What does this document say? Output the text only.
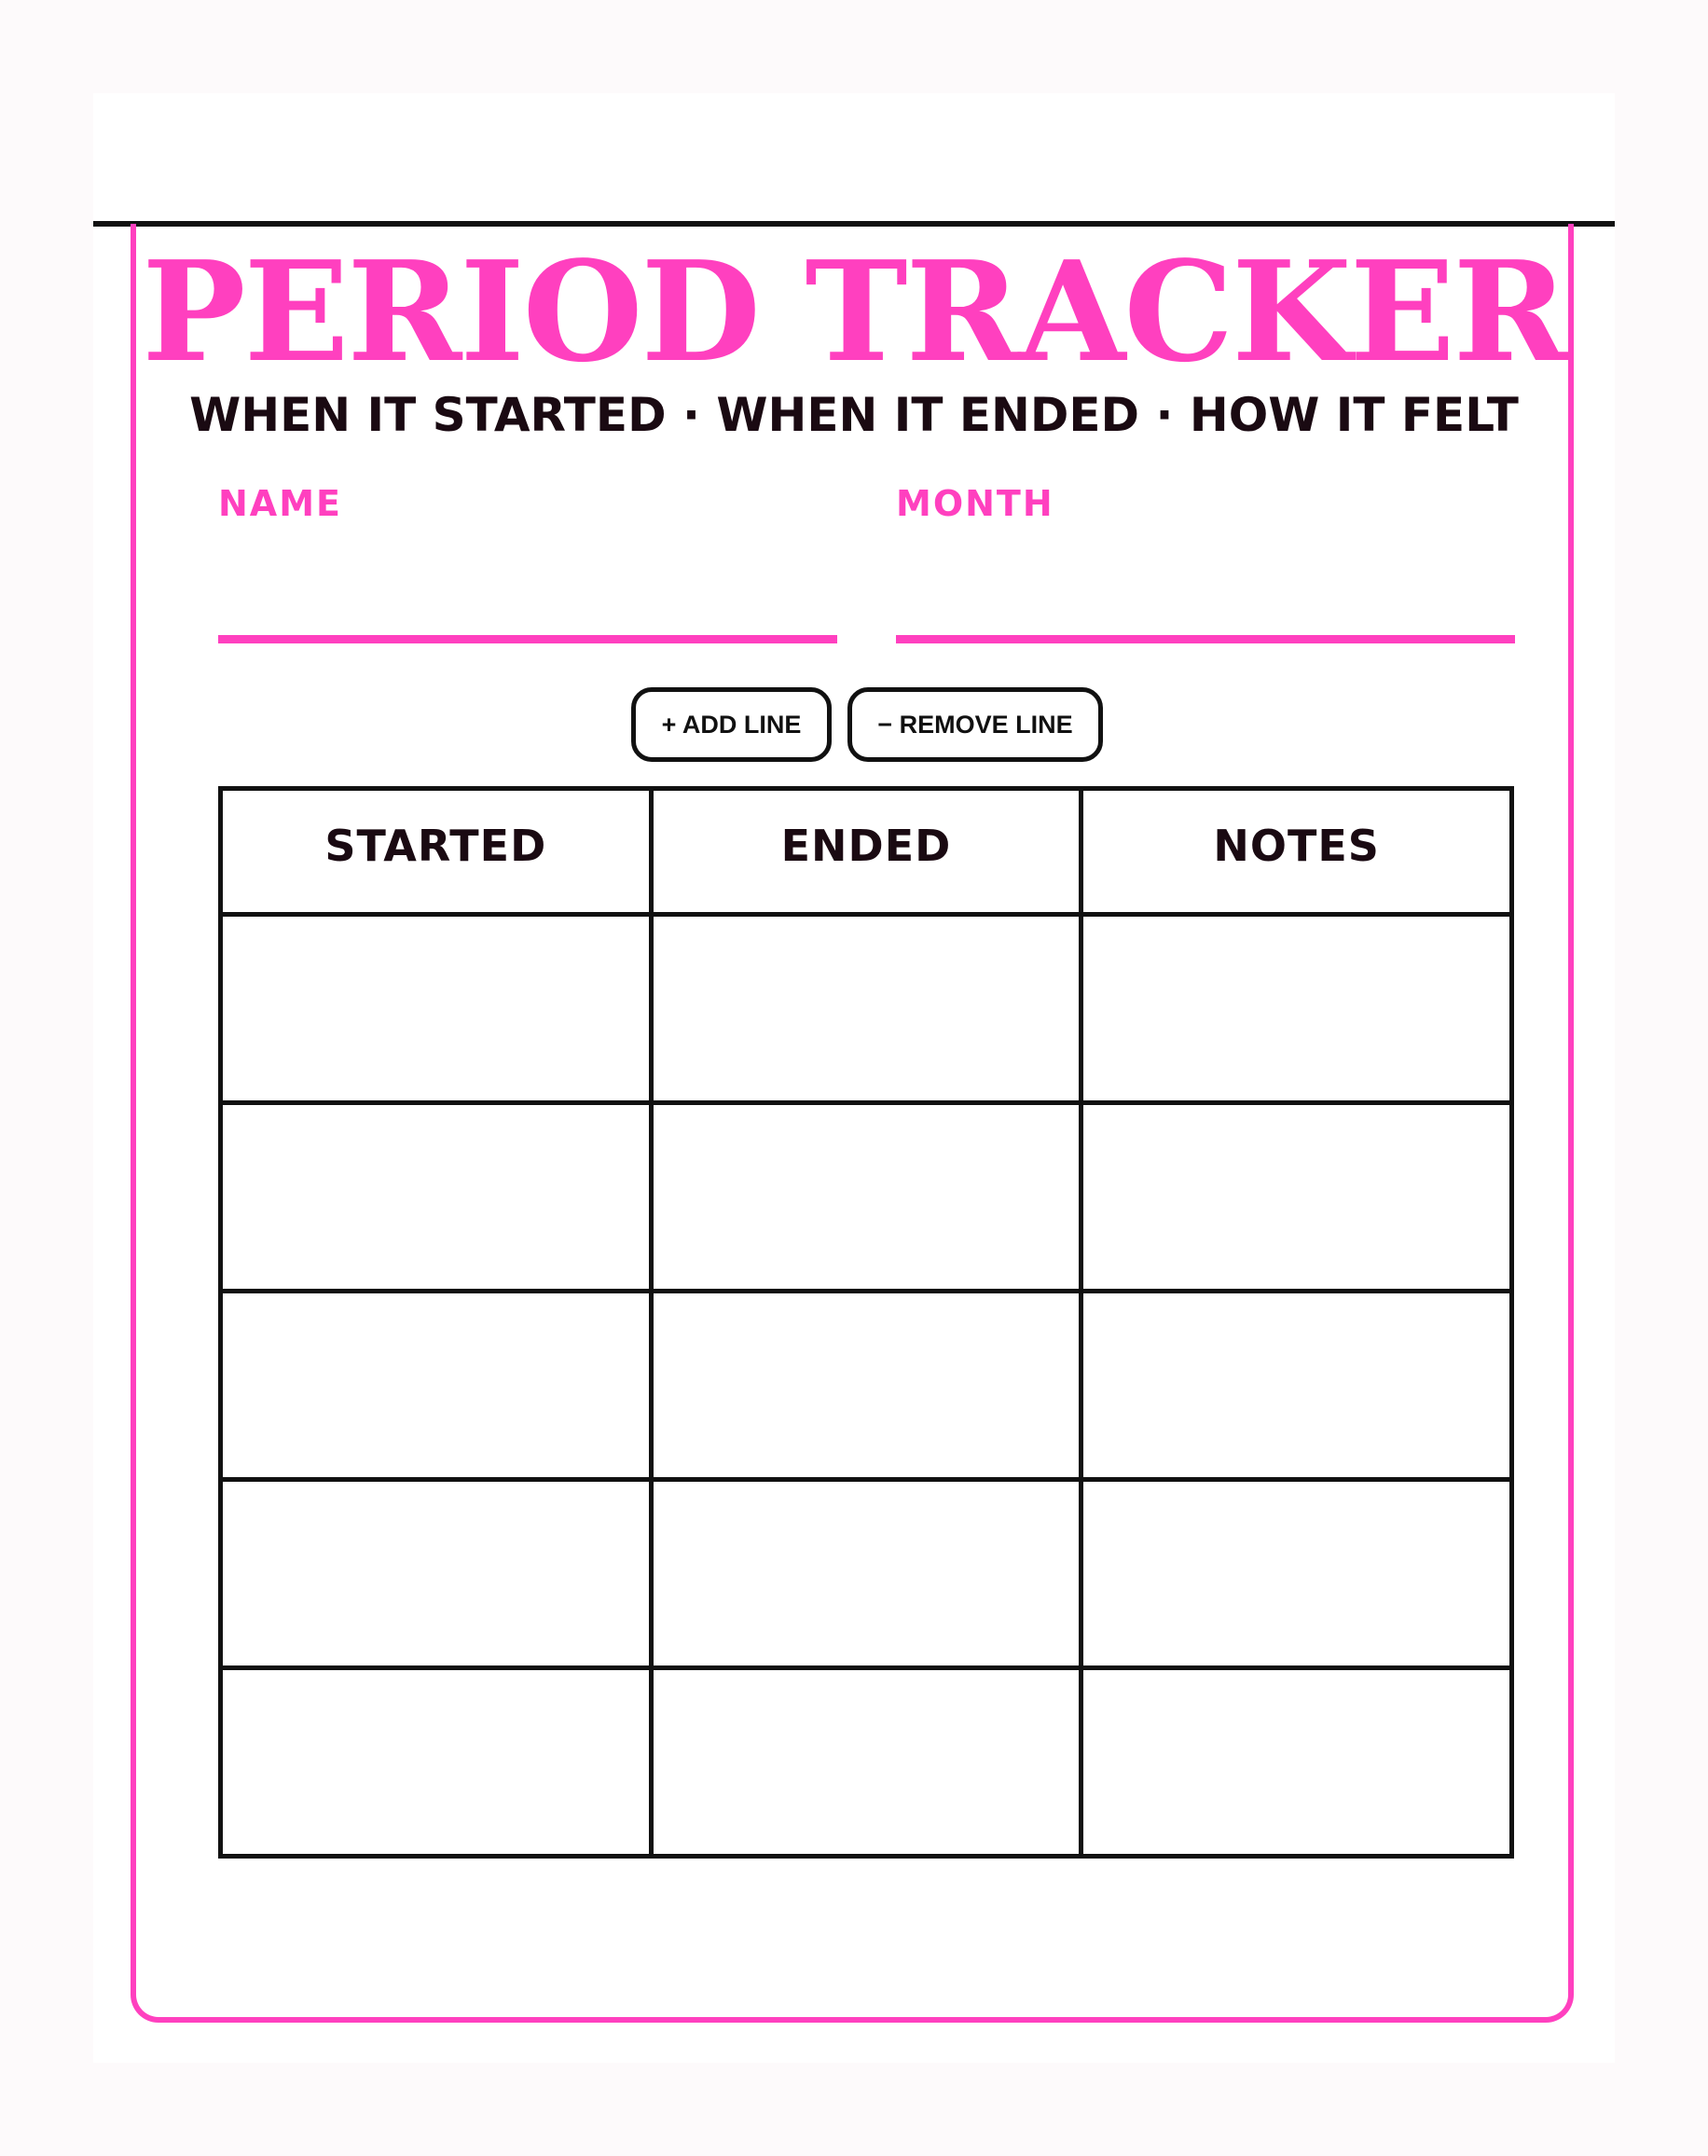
PERIOD TRACKER
WHEN IT STARTED · WHEN IT ENDED · HOW IT FELT
NAME	MONTH
+ ADD LINE	− REMOVE LINE
STARTED	ENDED	NOTES
